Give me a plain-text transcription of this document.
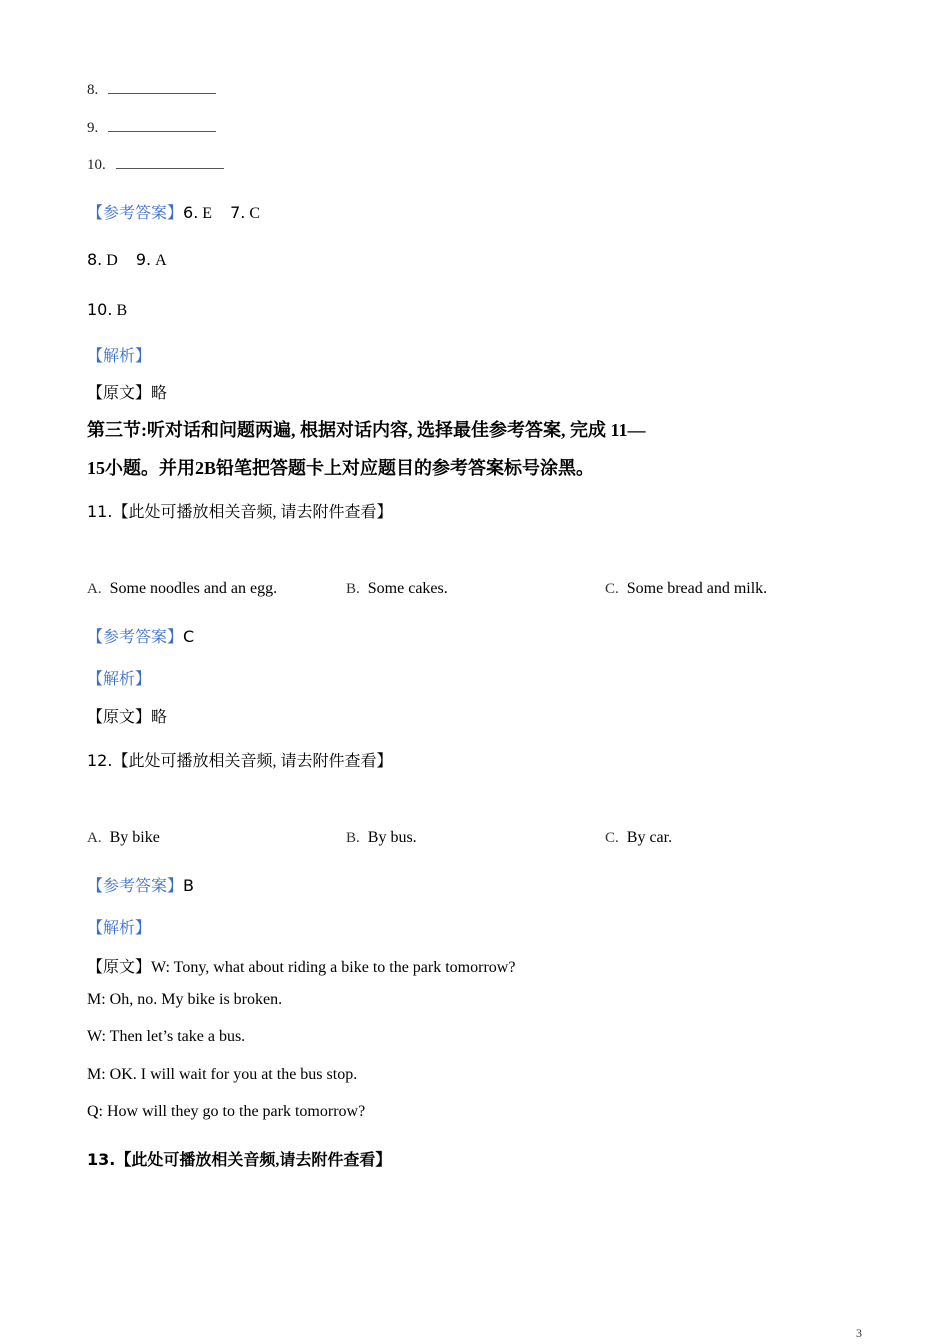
8.
9.
10.
【参考答案】6. E 7. C
8. D 9. A
10. B
【解析】
【原文】略
第三节:听对话和问题两遍, 根据对话内容, 选择最佳参考答案, 完成 11—
15小题。并用2B铅笔把答题卡上对应题目的参考答案标号涂黑。
11.【此处可播放相关音频, 请去附件查看】
A. Some noodles and an egg.	B. Some cakes.	C. Some bread and milk.
【参考答案】C
【解析】
【原文】略
12.【此处可播放相关音频, 请去附件查看】
A. By bike	B. By bus.	C. By car.
【参考答案】B
【解析】
【原文】W: Tony, what about riding a bike to the park tomorrow?
M: Oh, no. My bike is broken.
W: Then let’s take a bus.
M: OK. I will wait for you at the bus stop.
Q: How will they go to the park tomorrow?
13.【此处可播放相关音频,请去附件查看】
3
